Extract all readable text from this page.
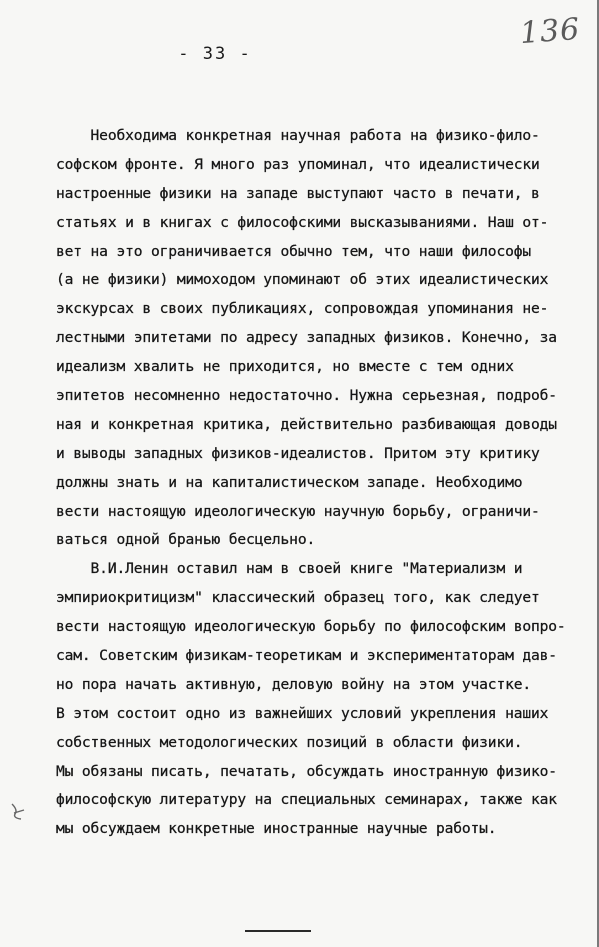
136
- 33 -
Необходима конкретная научная работа на физико-фило-
софском фронте. Я много раз упоминал, что идеалистически
настроенные физики на западе выступают часто в печати, в
статьях и в книгах с философскими высказываниями. Наш от-
вет на это ограничивается обычно тем, что наши философы
(а не физики) мимоходом упоминают об этих идеалистических
экскурсах в своих публикациях, сопровождая упоминания не-
лестными эпитетами по адресу западных физиков. Конечно, за
идеализм хвалить не приходится, но вместе с тем одних
эпитетов несомненно недостаточно. Нужна серьезная, подроб-
ная и конкретная критика, действительно разбивающая доводы
и выводы западных физиков-идеалистов. Притом эту критику
должны знать и на капиталистическом западе. Необходимо
вести настоящую идеологическую научную борьбу, ограничи-
ваться одной бранью бесцельно.
В.И.Ленин оставил нам в своей книге "Материализм и
эмпириокритицизм" классический образец того, как следует
вести настоящую идеологическую борьбу по философским вопро-
сам. Советским физикам-теоретикам и экспериментаторам дав-
но пора начать активную, деловую войну на этом участке.
В этом состоит одно из важнейших условий укрепления наших
собственных методологических позиций в области физики.
Мы обязаны писать, печатать, обсуждать иностранную физико-
философскую литературу на специальных семинарах, также как
мы обсуждаем конкретные иностранные научные работы.
